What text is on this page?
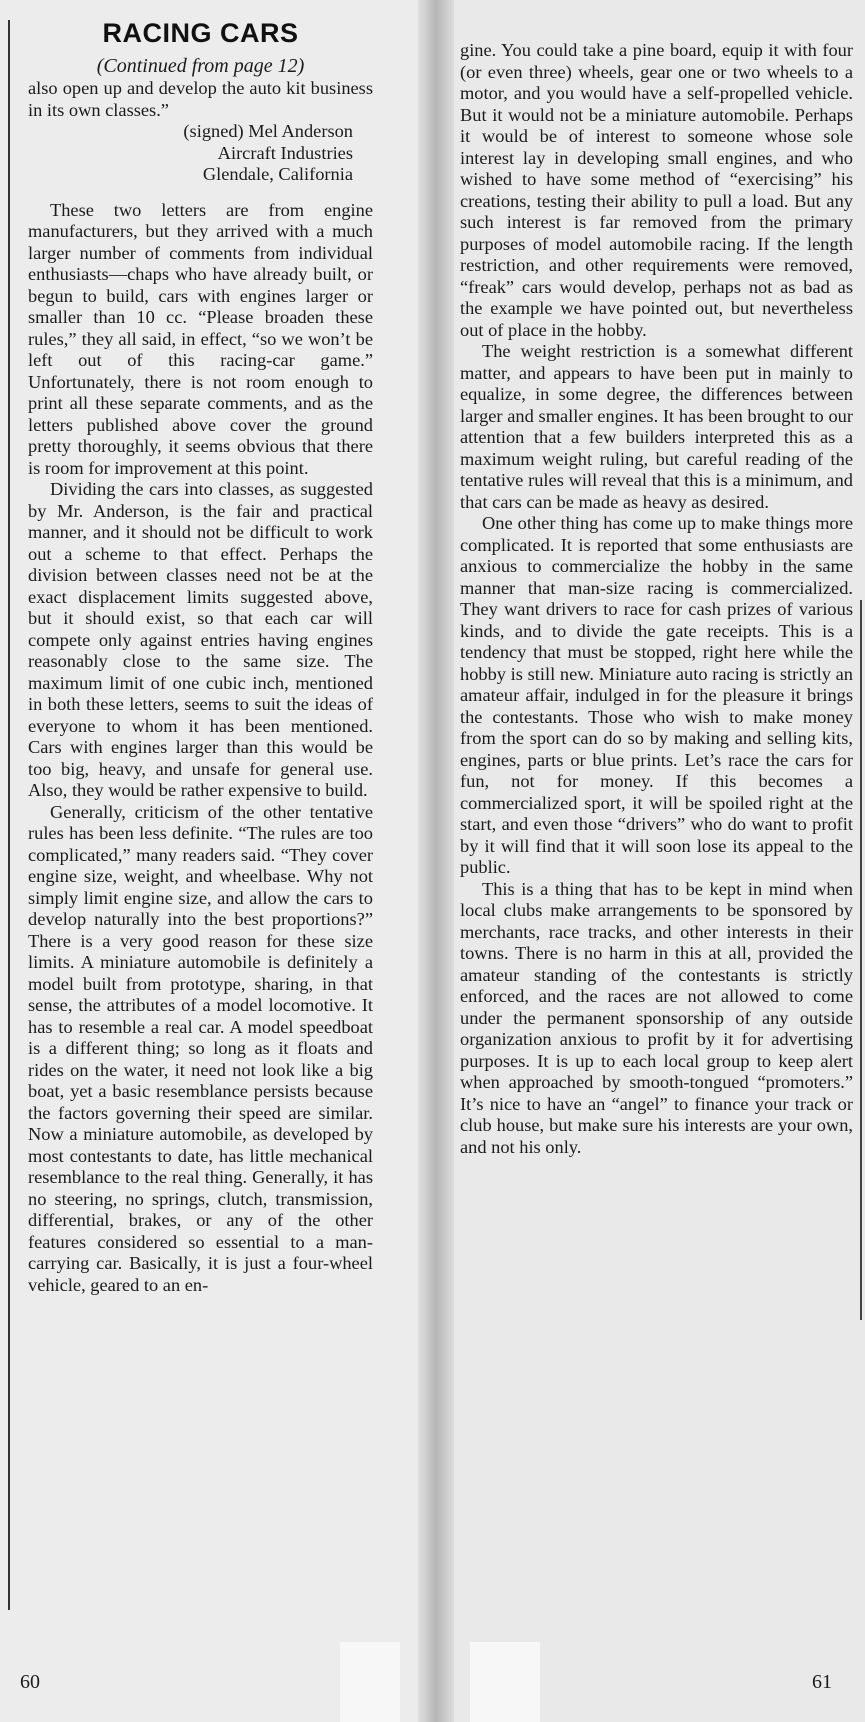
RACING CARS
(Continued from page 12)

also open up and develop the auto kit business in its own classes.”

(signed) Mel Anderson
Aircraft Industries
Glendale, California

These two letters are from engine manufacturers, but they arrived with a much larger number of comments from individual enthusiasts—chaps who have already built, or begun to build, cars with engines larger or smaller than 10 cc. “Please broaden these rules,” they all said, in effect, “so we won’t be left out of this racing-car game.” Unfortunately, there is not room enough to print all these separate comments, and as the letters published above cover the ground pretty thoroughly, it seems obvious that there is room for improvement at this point.

Dividing the cars into classes, as suggested by Mr. Anderson, is the fair and practical manner, and it should not be difficult to work out a scheme to that effect. Perhaps the division between classes need not be at the exact displacement limits suggested above, but it should exist, so that each car will compete only against entries having engines reasonably close to the same size. The maximum limit of one cubic inch, mentioned in both these letters, seems to suit the ideas of everyone to whom it has been mentioned. Cars with engines larger than this would be too big, heavy, and unsafe for general use. Also, they would be rather expensive to build.

Generally, criticism of the other tentative rules has been less definite. “The rules are too complicated,” many readers said. “They cover engine size, weight, and wheelbase. Why not simply limit engine size, and allow the cars to develop naturally into the best proportions?” There is a very good reason for these size limits. A miniature automobile is definitely a model built from prototype, sharing, in that sense, the attributes of a model locomotive. It has to resemble a real car. A model speedboat is a different thing; so long as it floats and rides on the water, it need not look like a big boat, yet a basic resemblance persists because the factors governing their speed are similar. Now a miniature automobile, as developed by most contestants to date, has little mechanical resemblance to the real thing. Generally, it has no steering, no springs, clutch, transmission, differential, brakes, or any of the other features considered so essential to a man-carrying car. Basically, it is just a four-wheel vehicle, geared to an en-

gine. You could take a pine board, equip it with four (or even three) wheels, gear one or two wheels to a motor, and you would have a self-propelled vehicle. But it would not be a miniature automobile. Perhaps it would be of interest to someone whose sole interest lay in developing small engines, and who wished to have some method of “exercising” his creations, testing their ability to pull a load. But any such interest is far removed from the primary purposes of model automobile racing. If the length restriction, and other requirements were removed, “freak” cars would develop, perhaps not as bad as the example we have pointed out, but nevertheless out of place in the hobby.

The weight restriction is a somewhat different matter, and appears to have been put in mainly to equalize, in some degree, the differences between larger and smaller engines. It has been brought to our attention that a few builders interpreted this as a maximum weight ruling, but careful reading of the tentative rules will reveal that this is a minimum, and that cars can be made as heavy as desired.

One other thing has come up to make things more complicated. It is reported that some enthusiasts are anxious to commercialize the hobby in the same manner that man-size racing is commercialized. They want drivers to race for cash prizes of various kinds, and to divide the gate receipts. This is a tendency that must be stopped, right here while the hobby is still new. Miniature auto racing is strictly an amateur affair, indulged in for the pleasure it brings the contestants. Those who wish to make money from the sport can do so by making and selling kits, engines, parts or blue prints. Let’s race the cars for fun, not for money. If this becomes a commercialized sport, it will be spoiled right at the start, and even those “drivers” who do want to profit by it will find that it will soon lose its appeal to the public.

This is a thing that has to be kept in mind when local clubs make arrangements to be sponsored by merchants, race tracks, and other interests in their towns. There is no harm in this at all, provided the amateur standing of the contestants is strictly enforced, and the races are not allowed to come under the permanent sponsorship of any outside organization anxious to profit by it for advertising purposes. It is up to each local group to keep alert when approached by smooth-tongued “promoters.” It’s nice to have an “angel” to finance your track or club house, but make sure his interests are your own, and not his only.

60	61
